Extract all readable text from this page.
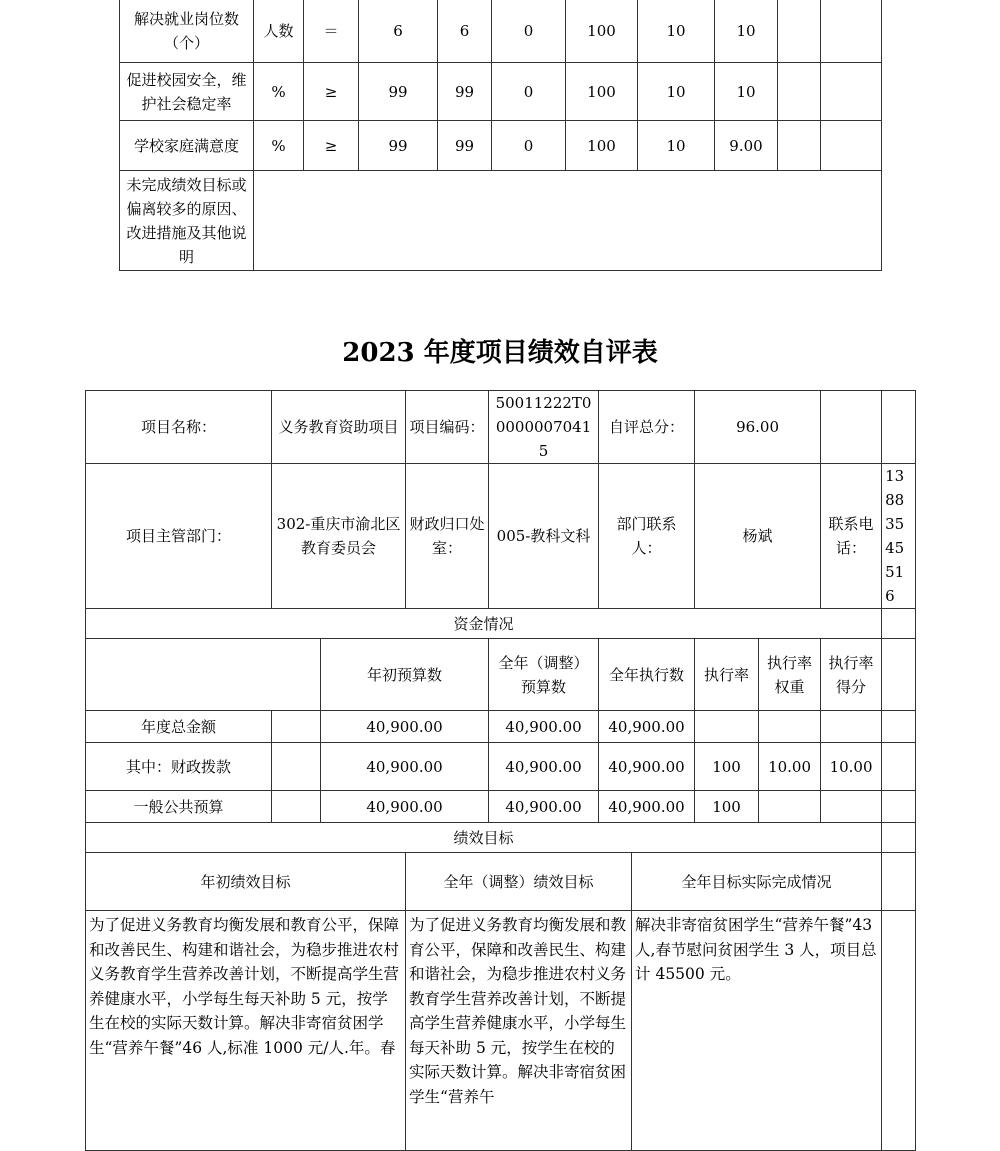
解决就业岗位数（个）	人数	＝	6	6	0	100	10	10		
促进校园安全，维护社会稳定率	%	≥	99	99	0	100	10	10		
学校家庭满意度	%	≥	99	99	0	100	10	9.00		
未完成绩效目标或偏离较多的原因、改进措施及其他说明										
2023 年度项目绩效自评表
项目名称：	义务教育资助项目		项目编码：	50011222T000000070415	自评总分：		96.00			
项目主管部门：	302-重庆市渝北区教育委员会		财政归口处室：	005-教科文科	部门联系人：		杨斌		联系电话：	13883545516
资金情况										
		年初预算数		全年（调整）预算数	全年执行数		执行率	执行率权重	执行率得分	
年度总金额		40,900.00		40,900.00	40,900.00					
其中：财政拨款		40,900.00		40,900.00	40,900.00		100	10.00	10.00	
一般公共预算		40,900.00		40,900.00	40,900.00		100			
绩效目标										
年初绩效目标			全年（调整）绩效目标			全年目标实际完成情况				
为了促进义务教育均衡发展和教育公平，保障和改善民生、构建和谐社会，为稳步推进农村义务教育学生营养改善计划，不断提高学生营养健康水平，小学每生每天补助 5 元，按学生在校的实际天数计算。解决非寄宿贫困学生“营养午餐”46 人,标准 1000 元/人.年。春			为了促进义务教育均衡发展和教育公平，保障和改善民生、构建和谐社会，为稳步推进农村义务教育学生营养改善计划，不断提高学生营养健康水平，小学每生每天补助 5 元，按学生在校的实际天数计算。解决非寄宿贫困学生“营养午			解决非寄宿贫困学生“营养午餐”43 人,春节慰问贫困学生 3 人，项目总计 45500 元。				
